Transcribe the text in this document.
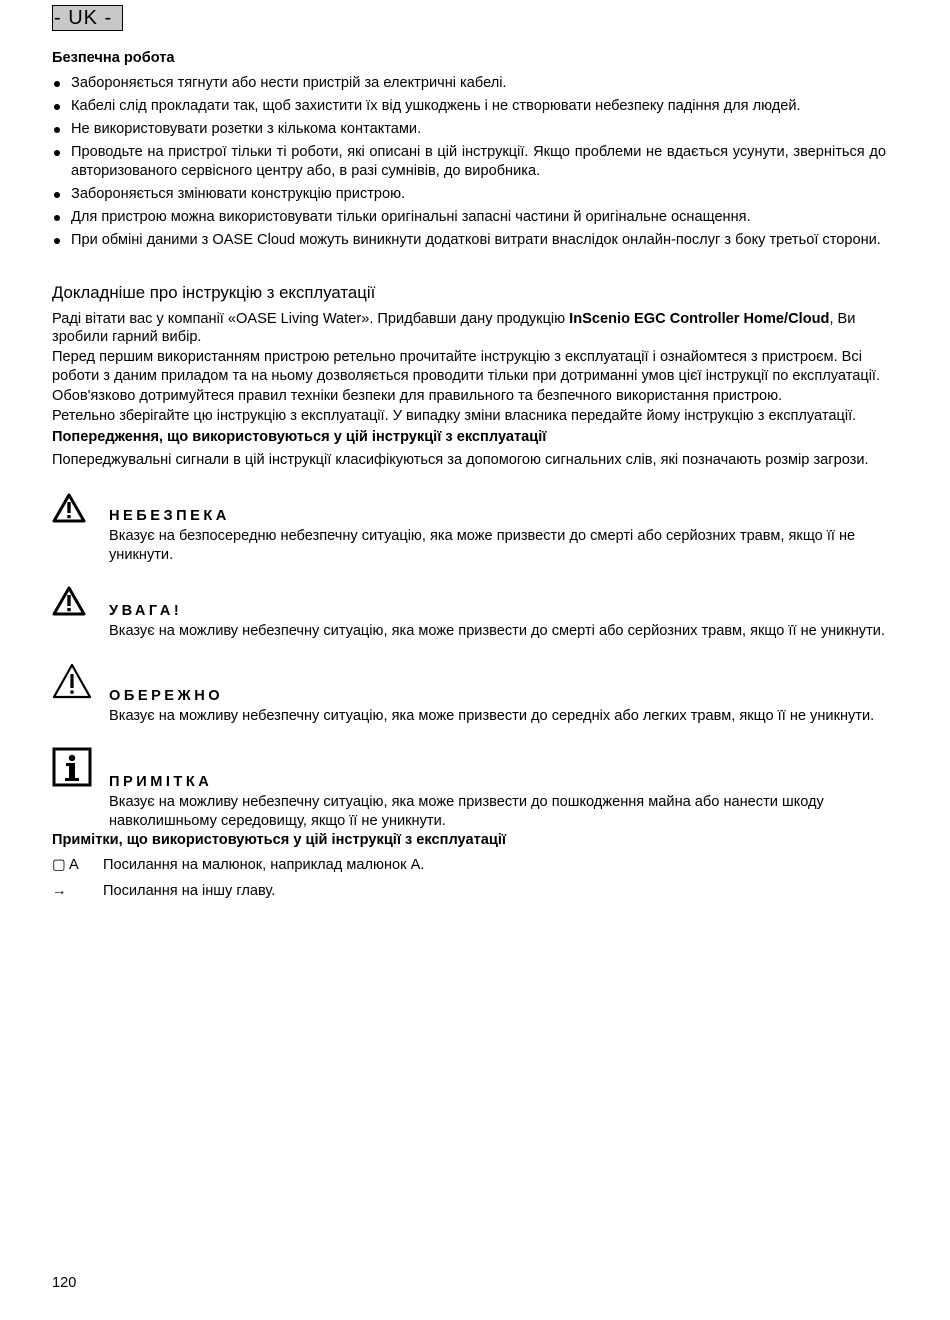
- UK -
Безпечна робота
Забороняється тягнути або нести пристрій за електричні кабелі.
Кабелі слід прокладати так, щоб захистити їх від ушкоджень і не створювати небезпеку падіння для людей.
Не використовувати розетки з кількома контактами.
Проводьте на пристрої тільки ті роботи, які описані в цій інструкції. Якщо проблеми не вдається усунути, зверніться до авторизованого сервісного центру або, в разі сумнівів, до виробника.
Забороняється змінювати конструкцію пристрою.
Для пристрою можна використовувати тільки оригінальні запасні частини й оригінальне оснащення.
При обміні даними з OASE Cloud можуть виникнути додаткові витрати внаслідок онлайн-послуг з боку третьої сторони.
Докладніше про інструкцію з експлуатації

Раді вітати вас у компанії «OASE Living Water». Придбавши дану продукцію InScenio EGC Controller Home/Cloud, Ви зробили гарний вибір.

Перед першим використанням пристрою ретельно прочитайте інструкцію з експлуатації і ознайомтеся з пристроєм. Всі роботи з даним приладом та на ньому дозволяється проводити тільки при дотриманні умов цієї інструкції по експлуатації.

Обов'язково дотримуйтеся правил техніки безпеки для правильного та безпечного використання пристрою.

Ретельно зберігайте цю інструкцію з експлуатації. У випадку зміни власника передайте йому інструкцію з експлуатації.

Попередження, що використовуються у цій інструкції з експлуатації

Попереджувальні сигнали в цій інструкції класифікуються за допомогою сигнальних слів, які позначають розмір загрози.

НЕБЕЗПЕКА
Вказує на безпосередню небезпечну ситуацію, яка може призвести до смерті або серйозних травм, якщо її не уникнути.
УВАГА!
Вказує на можливу небезпечну ситуацію, яка може призвести до смерті або серйозних травм, якщо її не уникнути.
ОБЕРЕЖНО
Вказує на можливу небезпечну ситуацію, яка може призвести до середніх або легких травм, якщо її не уникнути.
ПРИМІТКА
Вказує на можливу небезпечну ситуацію, яка може призвести до пошкодження майна або нанести шкоду навколишньому середовищу, якщо її не уникнути.
Примітки, що використовуються у цій інструкції з експлуатації
▢ A Посилання на малюнок, наприклад малюнок А.
→ Посилання на іншу главу.
120
